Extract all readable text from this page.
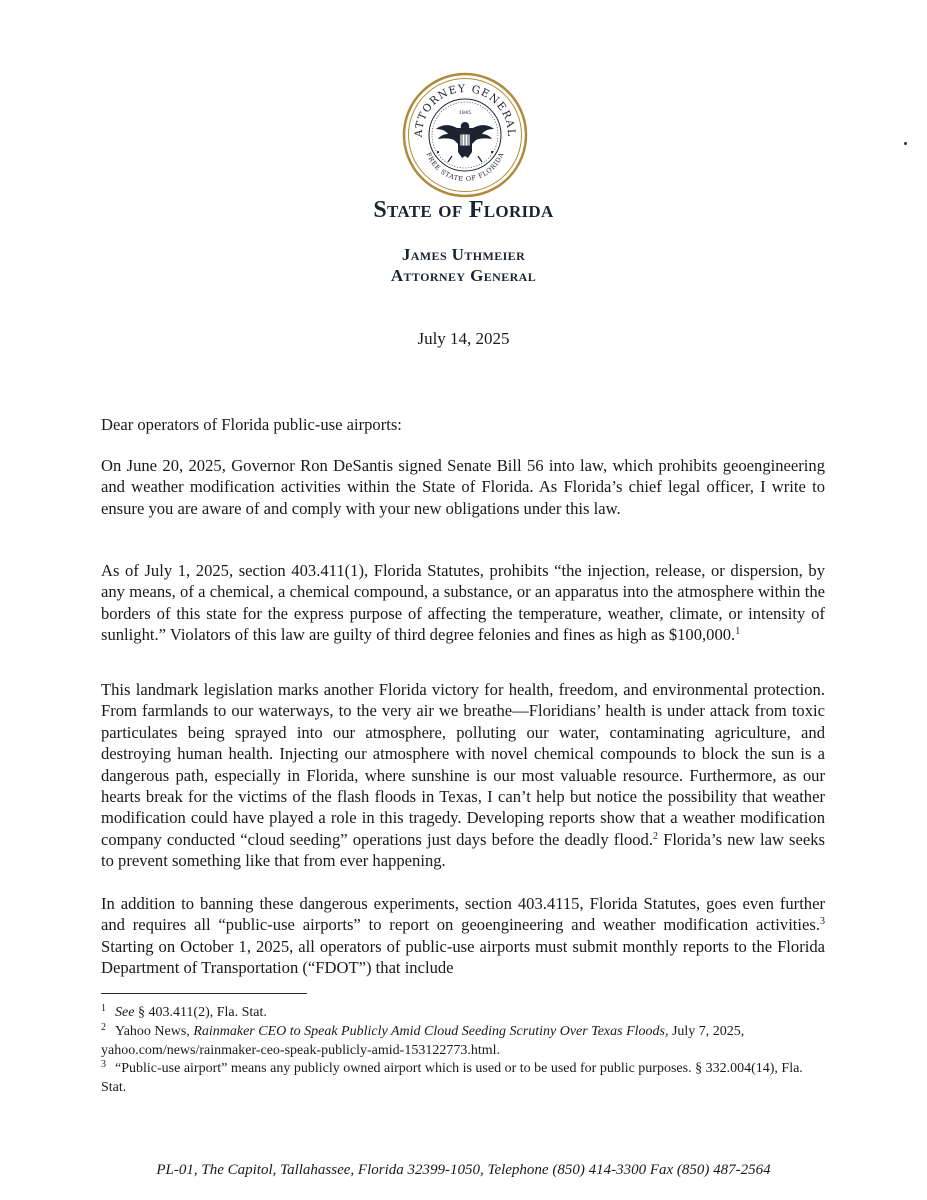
ATTORNEY GENERAL
FREE STATE OF FLORIDA
1845
State of Florida
James Uthmeier
Attorney General
July 14, 2025

Dear operators of Florida public-use airports:

On June 20, 2025, Governor Ron DeSantis signed Senate Bill 56 into law, which prohibits geoengineering and weather modification activities within the State of Florida. As Florida’s chief legal officer, I write to ensure you are aware of and comply with your new obligations under this law.

As of July 1, 2025, section 403.411(1), Florida Statutes, prohibits “the injection, release, or dispersion, by any means, of a chemical, a chemical compound, a substance, or an apparatus into the atmosphere within the borders of this state for the express purpose of affecting the temperature, weather, climate, or intensity of sunlight.” Violators of this law are guilty of third degree felonies and fines as high as $100,000.$^1$

This landmark legislation marks another Florida victory for health, freedom, and environmental protection. From farmlands to our waterways, to the very air we breathe—Floridians’ health is under attack from toxic particulates being sprayed into our atmosphere, polluting our water, contaminating agriculture, and destroying human health. Injecting our atmosphere with novel chemical compounds to block the sun is a dangerous path, especially in Florida, where sunshine is our most valuable resource. Furthermore, as our hearts break for the victims of the flash floods in Texas, I can’t help but notice the possibility that weather modification could have played a role in this tragedy. Developing reports show that a weather modification company conducted “cloud seeding” operations just days before the deadly flood.$^2$ Florida’s new law seeks to prevent something like that from ever happening.

In addition to banning these dangerous experiments, section 403.4115, Florida Statutes, goes even further and requires all “public-use airports” to report on geoengineering and weather modification activities.$^3$ Starting on October 1, 2025, all operators of public-use airports must submit monthly reports to the Florida Department of Transportation (“FDOT”) that include

1 See § 403.411(2), Fla. Stat.

2 Yahoo News, Rainmaker CEO to Speak Publicly Amid Cloud Seeding Scrutiny Over Texas Floods, July 7, 2025, yahoo.com/news/rainmaker-ceo-speak-publicly-amid-153122773.html.

3 “Public-use airport” means any publicly owned airport which is used or to be used for public purposes. § 332.004(14), Fla. Stat.

PL-01, The Capitol, Tallahassee, Florida 32399-1050, Telephone (850) 414-3300 Fax (850) 487-2564
